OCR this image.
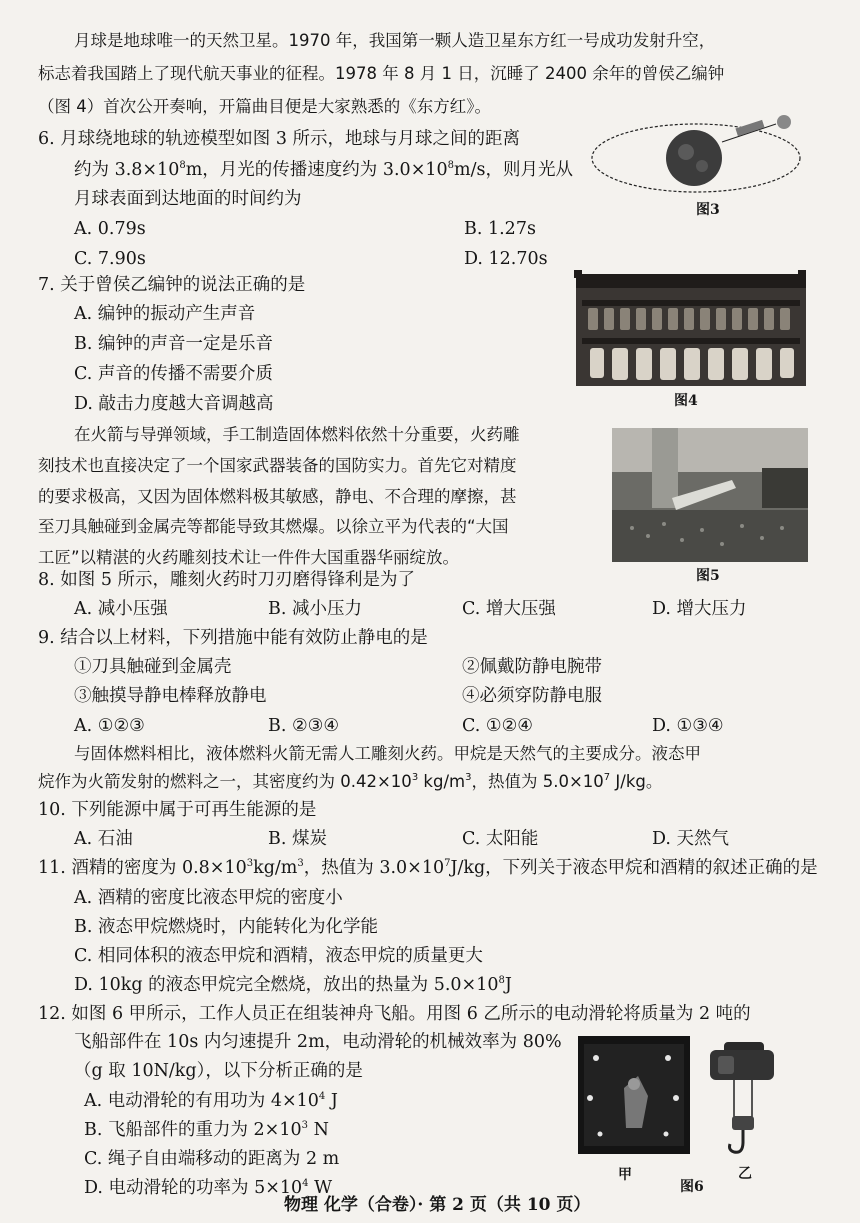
月球是地球唯一的天然卫星。1970 年，我国第一颗人造卫星东方红一号成功发射升空，
标志着我国踏上了现代航天事业的征程。1978 年 8 月 1 日，沉睡了 2400 余年的曾侯乙编钟
（图 4）首次公开奏响，开篇曲目便是大家熟悉的《东方红》。
6. 月球绕地球的轨迹模型如图 3 所示，地球与月球之间的距离
约为 $3.8\times 10^8m$，月光的传播速度约为 $3.0\times 10^8m/s$，则月光从
月球表面到达地面的时间约为
A. 0.79s	B. 1.27s
C. 7.90s	D. 12.70s
图3
7. 关于曾侯乙编钟的说法正确的是
A. 编钟的振动产生声音
B. 编钟的声音一定是乐音
C. 声音的传播不需要介质
D. 敲击力度越大音调越高	图4
在火箭与导弹领域，手工制造固体燃料依然十分重要，火药雕
刻技术也直接决定了一个国家武器装备的国防实力。首先它对精度
的要求极高，又因为固体燃料极其敏感，静电、不合理的摩擦，甚
至刀具触碰到金属壳等都能导致其燃爆。以徐立平为代表的“大国
工匠”以精湛的火药雕刻技术让一件件大国重器华丽绽放。
图5
8. 如图 5 所示，雕刻火药时刀刃磨得锋利是为了
A. 减小压强	B. 减小压力	C. 增大压强	D. 增大压力
9. 结合以上材料，下列措施中能有效防止静电的是
①刀具触碰到金属壳	②佩戴防静电腕带
③触摸导静电棒释放静电	④必须穿防静电服
A. ①②③	B. ②③④	C. ①②④	D. ①③④
与固体燃料相比，液体燃料火箭无需人工雕刻火药。甲烷是天然气的主要成分。液态甲
烷作为火箭发射的燃料之一，其密度约为 $0.42\times 10^3$ $kg/m^3$，热值为 $5.0\times 10^7$ J/kg。
10. 下列能源中属于可再生能源的是
A. 石油	B. 煤炭	C. 太阳能	D. 天然气
11. 酒精的密度为 $0.8\times 10^3kg/m^3$，热值为 $3.0\times 10^7J/kg$，下列关于液态甲烷和酒精的叙述正确的是
A. 酒精的密度比液态甲烷的密度小
B. 液态甲烷燃烧时，内能转化为化学能
C. 相同体积的液态甲烷和酒精，液态甲烷的质量更大
D. 10kg 的液态甲烷完全燃烧，放出的热量为 $5.0\times 10^8J$
12. 如图 6 甲所示，工作人员正在组装神舟飞船。用图 6 乙所示的电动滑轮将质量为 2 吨的
飞船部件在 10s 内匀速提升 2m，电动滑轮的机械效率为 80%
（g 取 10N/kg），以下分析正确的是
A. 电动滑轮的有用功为 $4\times 10^4$ J
B. 飞船部件的重力为 $2\times 10^3$ N
C. 绳子自由端移动的距离为 2 m
D. 电动滑轮的功率为 $5\times 10^4$ W
甲	乙
图6
物理 化学（合卷）· 第 2 页（共 10 页）
